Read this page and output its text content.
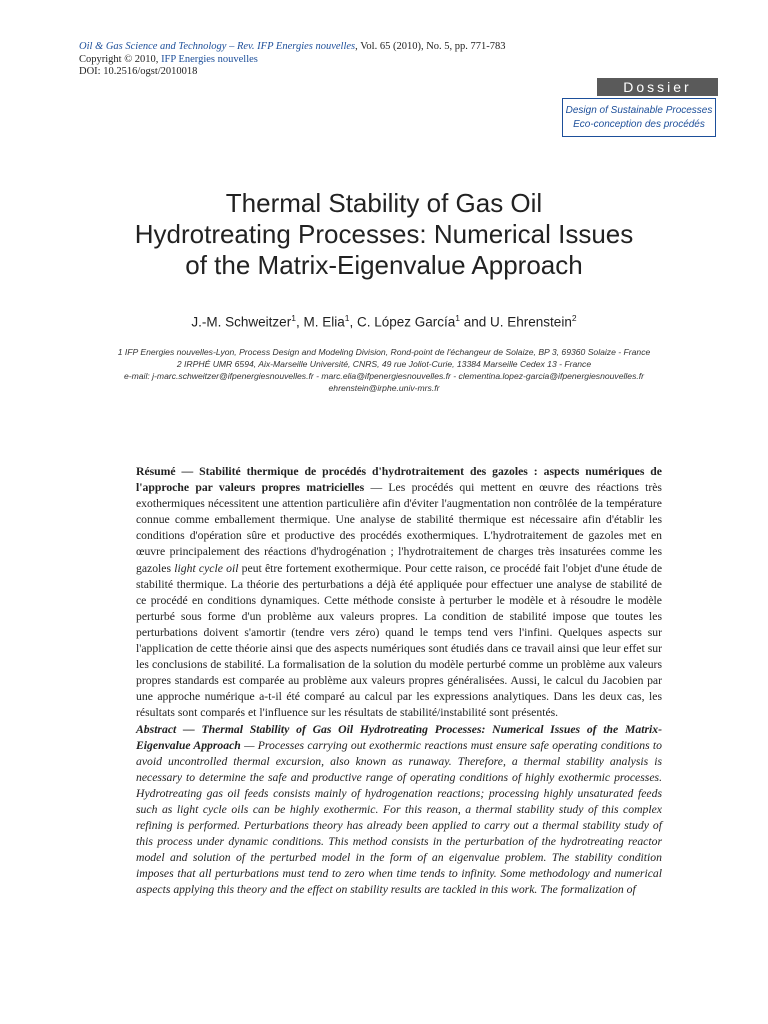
Oil & Gas Science and Technology – Rev. IFP Energies nouvelles, Vol. 65 (2010), No. 5, pp. 771-783
Copyright © 2010, IFP Energies nouvelles
DOI: 10.2516/ogst/2010018
Dossier
Design of Sustainable Processes
Eco-conception des procédés
Thermal Stability of Gas Oil
Hydrotreating Processes: Numerical Issues
of the Matrix-Eigenvalue Approach
J.-M. Schweitzer$^1$, M. Elia$^1$, C. López García$^1$ and U. Ehrenstein$^2$
1 IFP Energies nouvelles-Lyon, Process Design and Modeling Division, Rond-point de l'échangeur de Solaize, BP 3, 69360 Solaize - France
2 IRPHÉ UMR 6594, Aix-Marseille Université, CNRS, 49 rue Joliot-Curie, 13384 Marseille Cedex 13 - France
e-mail: j-marc.schweitzer@ifpenergiesnouvelles.fr - marc.elia@ifpenergiesnouvelles.fr - clementina.lopez-garcia@ifpenergiesnouvelles.fr
ehrenstein@irphe.univ-mrs.fr

Résumé — Stabilité thermique de procédés d'hydrotraitement des gazoles : aspects numériques de l'approche par valeurs propres matricielles — Les procédés qui mettent en œuvre des réactions très exothermiques nécessitent une attention particulière afin d'éviter l'augmentation non contrôlée de la température connue comme emballement thermique. Une analyse de stabilité thermique est nécessaire afin d'établir les conditions d'opération sûre et productive des procédés exothermiques. L'hydrotraitement de gazoles met en œuvre principalement des réactions d'hydrogénation ; l'hydrotraitement de charges très insaturées comme les gazoles light cycle oil peut être fortement exothermique. Pour cette raison, ce procédé fait l'objet d'une étude de stabilité thermique. La théorie des perturbations a déjà été appliquée pour effectuer une analyse de stabilité de ce procédé en conditions dynamiques. Cette méthode consiste à perturber le modèle et à résoudre le modèle perturbé sous forme d'un problème aux valeurs propres. La condition de stabilité impose que toutes les perturbations doivent s'amortir (tendre vers zéro) quand le temps tend vers l'infini. Quelques aspects sur l'application de cette théorie ainsi que des aspects numériques sont étudiés dans ce travail ainsi que leur effet sur les conclusions de stabilité. La formalisation de la solution du modèle perturbé comme un problème aux valeurs propres standards est comparée au problème aux valeurs propres généralisées. Aussi, le calcul du Jacobien par une approche numérique a-t-il été comparé au calcul par les expressions analytiques. Dans les deux cas, les résultats sont comparés et l'influence sur les résultats de stabilité/instabilité sont présentés.

Abstract — Thermal Stability of Gas Oil Hydrotreating Processes: Numerical Issues of the Matrix-Eigenvalue Approach — Processes carrying out exothermic reactions must ensure safe operating conditions to avoid uncontrolled thermal excursion, also known as runaway. Therefore, a thermal stability analysis is necessary to determine the safe and productive range of operating conditions of highly exothermic processes. Hydrotreating gas oil feeds consists mainly of hydrogenation reactions; processing highly unsaturated feeds such as light cycle oils can be highly exothermic. For this reason, a thermal stability study of this complex refining is performed. Perturbations theory has already been applied to carry out a thermal stability study of this process under dynamic conditions. This method consists in the perturbation of the hydrotreating reactor model and solution of the perturbed model in the form of an eigenvalue problem. The stability condition imposes that all perturbations must tend to zero when time tends to infinity. Some methodology and numerical aspects applying this theory and the effect on stability results are tackled in this work. The formalization of
